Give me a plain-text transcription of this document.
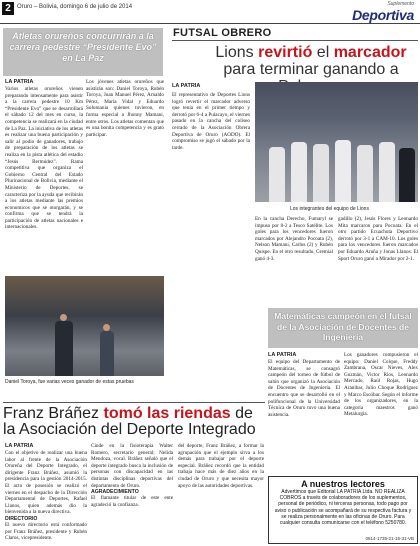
2	Oruro – Bolivia, domingo 6 de julio de 2014	Suplemento
Deportiva
Atletas orureños concurrirán a la carrera pedestre “Presidente Evo” en La Paz
LA PATRIA
Varios atletas orureños vienen preparando intensamente para asistir a la carrera pedestre 10 Km “Presidente Evo” que se desarrollará el sábado 12 del mes en curso, la competencia se realizará en la ciudad de La Paz. La iniciativa de los atletas es realizar una buena participación y salir al podio de ganadores, trabajo de preparación de los atletas se realiza en la pista atlética del estadio “Jesús Bermúdez”. Rama competitiva que organiza el Gobierno Central del Estado Plurinacional de Bolivia, mediante el Ministerio de Deportes, se caracteriza por la ayuda que recibirán a los atletas mediante las premios economicos que se otorgarán, y se confirma que se tendrá la participación de atletas nacionales e internacionales.
Los jóvenes atletas orureños que asistirán son: Daniel Toroya, Rubén Toroya, Juan Manuel Pérez, Arnaldo Pérez, María Vidal y Eduardo Solomania quienes tuvieron, en forma especial a Jhonny Mamani, entre otros. Los atletas comentan que es una bonita competencia y es grato participar.
Daniel Toroya, fue varias veces ganador de estas pruebas
FUTSAL OBRERO
Lions revirtió el marcador para terminar ganando a
LA PATRIA
El representativo de Deportes Lions logró revertir el marcador adverso que tenía en el primer tiempo y derrotó por 6-4 a Pulacayo, el viernes pasado en la cancha del coliseo cerrado de la Asociación Obrera Deportiva de Oruro (AODO). El compromiso se jugó el sábado por la tarde.
Los integrantes del equipo de Lions
En la cancha Derecho, Fumaryl se impuso por 8-2 a Tesco Satélite. Los goles para los vencedores fueron marcados por Alejandro Pocoata (2), Nelson Mamani, Carlos (2) y Rubén Quispe. En el otro resultado, Gremial ganó 4-3.
gadillo (2), Jesús Flores y Leonardo Mita marcaron para Pocoata. En el otro partido Ecuachuta Deportivo derrotó por 3-1 a CAM-10. Los goles para los vencedores fueron marcados por Eduardo Aruña y Jonas Llanos. El Sport Oruro ganó a Mirador por 2-1.
Matemáticas campeón en el futsal de la Asociación de Docentes de Ingeniería
LA PATRIA
El equipo del Departamento de Matemáticas, se consagró campeón del torneo de fútbol de salón que organizó la Asociación de Docentes de Ingeniería. El encuentro que se desarrolló en el polifuncional de la Universidad Técnica de Oruro tuvo una buena asistencia.
Los ganadores compusieron el equipo: Daniel Colque, Freddy Zambrana, Oscar Nieves, Alex Guzmán, Victor Ríos, Leonardo Mercado, Raúl Rojas, Hugo Aranibar, Julio Choque Rodríguez y Marco Escóbar. Según el informe de los organizadores, en la categoría maestros ganó Metalurgia.
Franz Bráñez tomó las riendas de la Asociación del Deporte Integrado
LA PATRIA
Con el objetivo de realizar una buena labor al frente de la Asociación Orureña del Deporte Integrado, el dirigente Franz Bráñez, asumió la presidencia para la gestión 2014-2015. El acto de posesión se realizó el viernes en el despacho de la Dirección Departamental de Deportes, Rafael Llanos, quien además dio la bienvenida a la nueva directiva.
DIRECTORIO
El nuevo directorio está conformado por Franz Bráñez, presidente y Rubén Claros, vicepresidente.
Cinde en la fisioterapia Walter Romero, secretario general; Nelida Mendoza, vocal. Bráñez señaló que el deporte integrado busca la inclusión de personas con discapacidad en las distintas disciplinas deportivas del departamento de Oruro.
AGRADECIMIENTO
El flamante titular de este ente agradeció la confianza.
del deporte, Franz Bráñez, a formar la agrupación que el ejemplo sirva a los demás para trabajar por el deporte especial. Bráñez recordó que la entidad trabaja hace más de diez años en la ciudad de Oruro y que necesita mayor apoyo de las autoridades deportivas.	A nuestros lectores

Advertimos que Editorial LA PATRIA Ltda. NO REALIZA COBROS a través de colaboradores de los suplementos, personal de periódico, ni terceras personas, todo pago por aviso o publicación se acompañará de su respectiva factura y se realiza personalmente en las oficinas de Oruro. Para cualquier consulta comunicarse con el teléfono 5250780.

0614-1735-21-15-31-VB
